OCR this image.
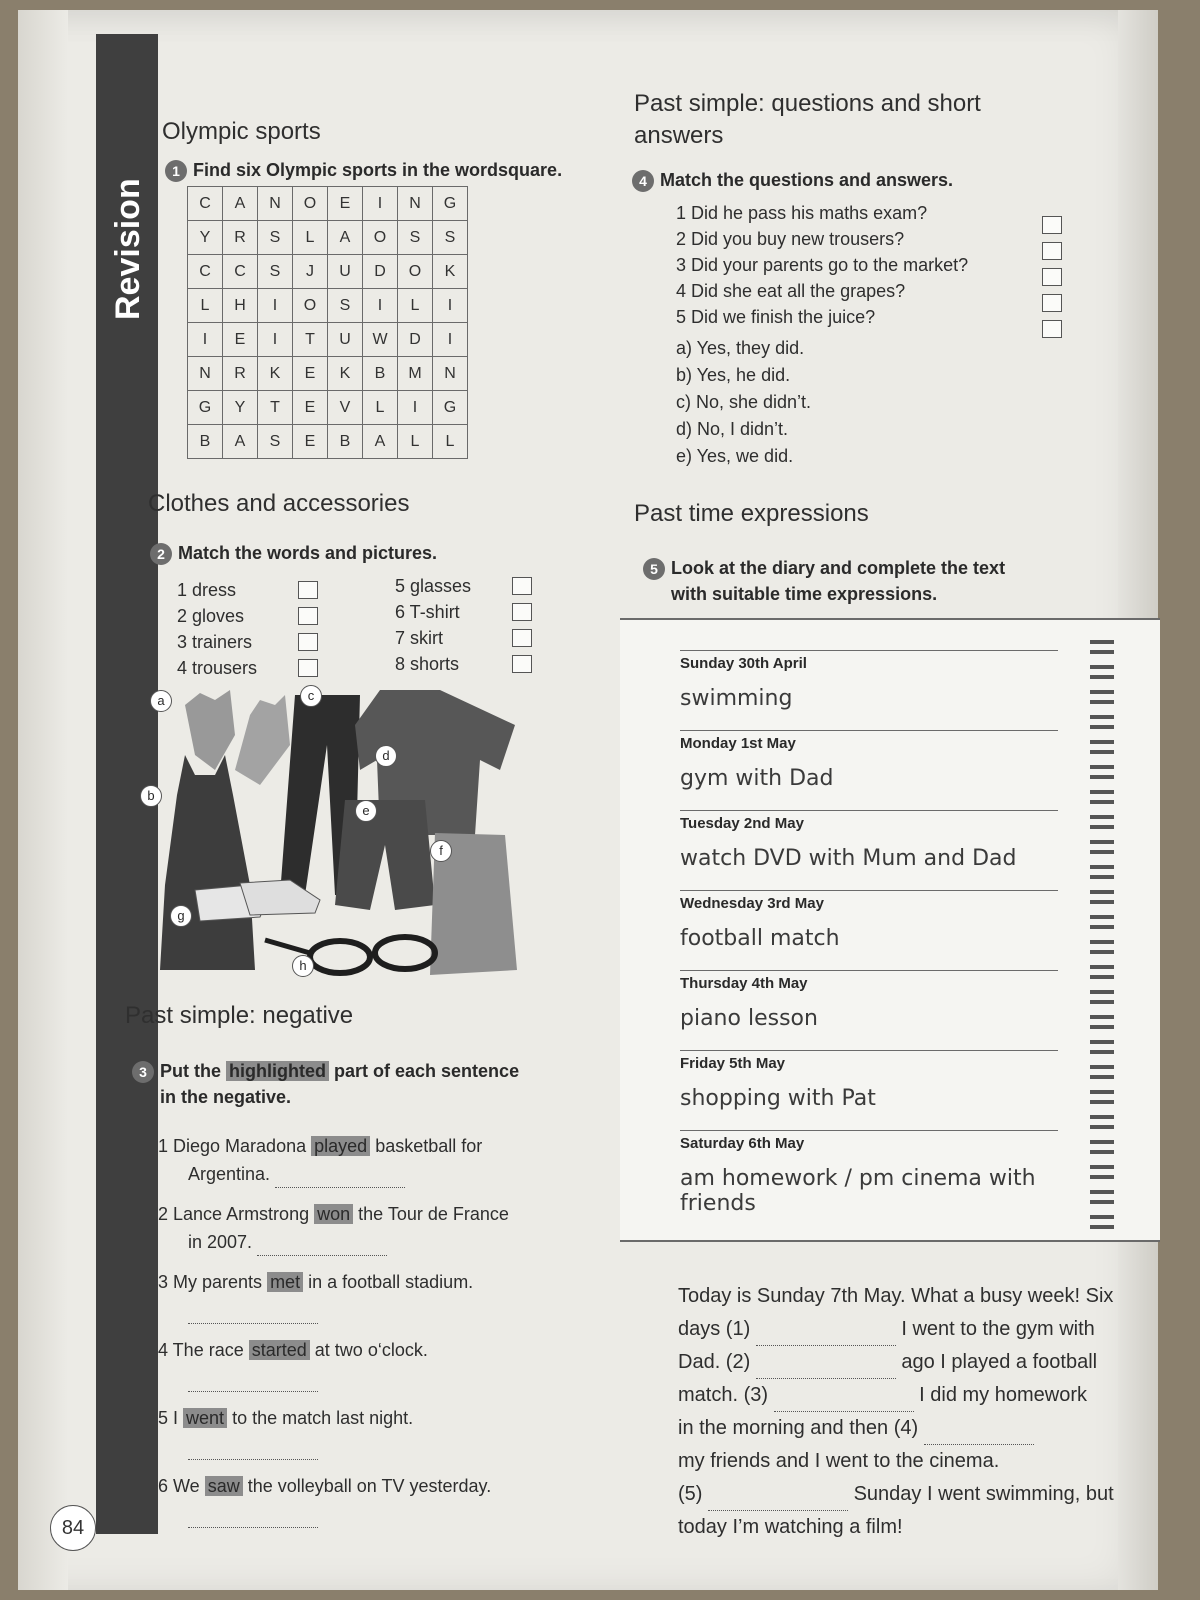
Revision
Olympic sports
1 Find six Olympic sports in the wordsquare.
C	A	N	O	E	I	N	G
Y	R	S	L	A	O	S	S
C	C	S	J	U	D	O	K
L	H	I	O	S	I	L	I
I	E	I	T	U	W	D	I
N	R	K	E	K	B	M	N
G	Y	T	E	V	L	I	G
B	A	S	E	B	A	L	L
Clothes and accessories
2 Match the words and pictures.
1 dress
2 gloves
3 trainers
4 trousers
5 glasses
6 T-shirt
7 skirt
8 shorts
a
b
c
d
e
f
g
h
Past simple: negative
3 Put the highlighted part of each sentence
in the negative.
1 Diego Maradona played basketball for
Argentina.
2 Lance Armstrong won the Tour de France
in 2007.
3 My parents met in a football stadium.
4 The race started at two o‘clock.
5 I went to the match last night.
6 We saw the volleyball on TV yesterday.
Past simple: questions and short
answers
4 Match the questions and answers.
1 Did he pass his maths exam?
2 Did you buy new trousers?
3 Did your parents go to the market?
4 Did she eat all the grapes?
5 Did we finish the juice?
a) Yes, they did.
b) Yes, he did.
c) No, she didn’t.
d) No, I didn’t.
e) Yes, we did.
Past time expressions
5 Look at the diary and complete the text
with suitable time expressions.
Sunday 30th April
swimming
Monday 1st May
gym with Dad
Tuesday 2nd May
watch DVD with Mum and Dad
Wednesday 3rd May
football match
Thursday 4th May
piano lesson
Friday 5th May
shopping with Pat
Saturday 6th May
am homework / pm cinema with
friends
Today is Sunday 7th May. What a busy week! Six
days (1)	I went to the gym with
Dad. (2)	ago I played a football
match. (3)	I did my homework
in the morning and then (4)
my friends and I went to the cinema.
(5)	Sunday I went swimming, but
today I’m watching a film!
84
